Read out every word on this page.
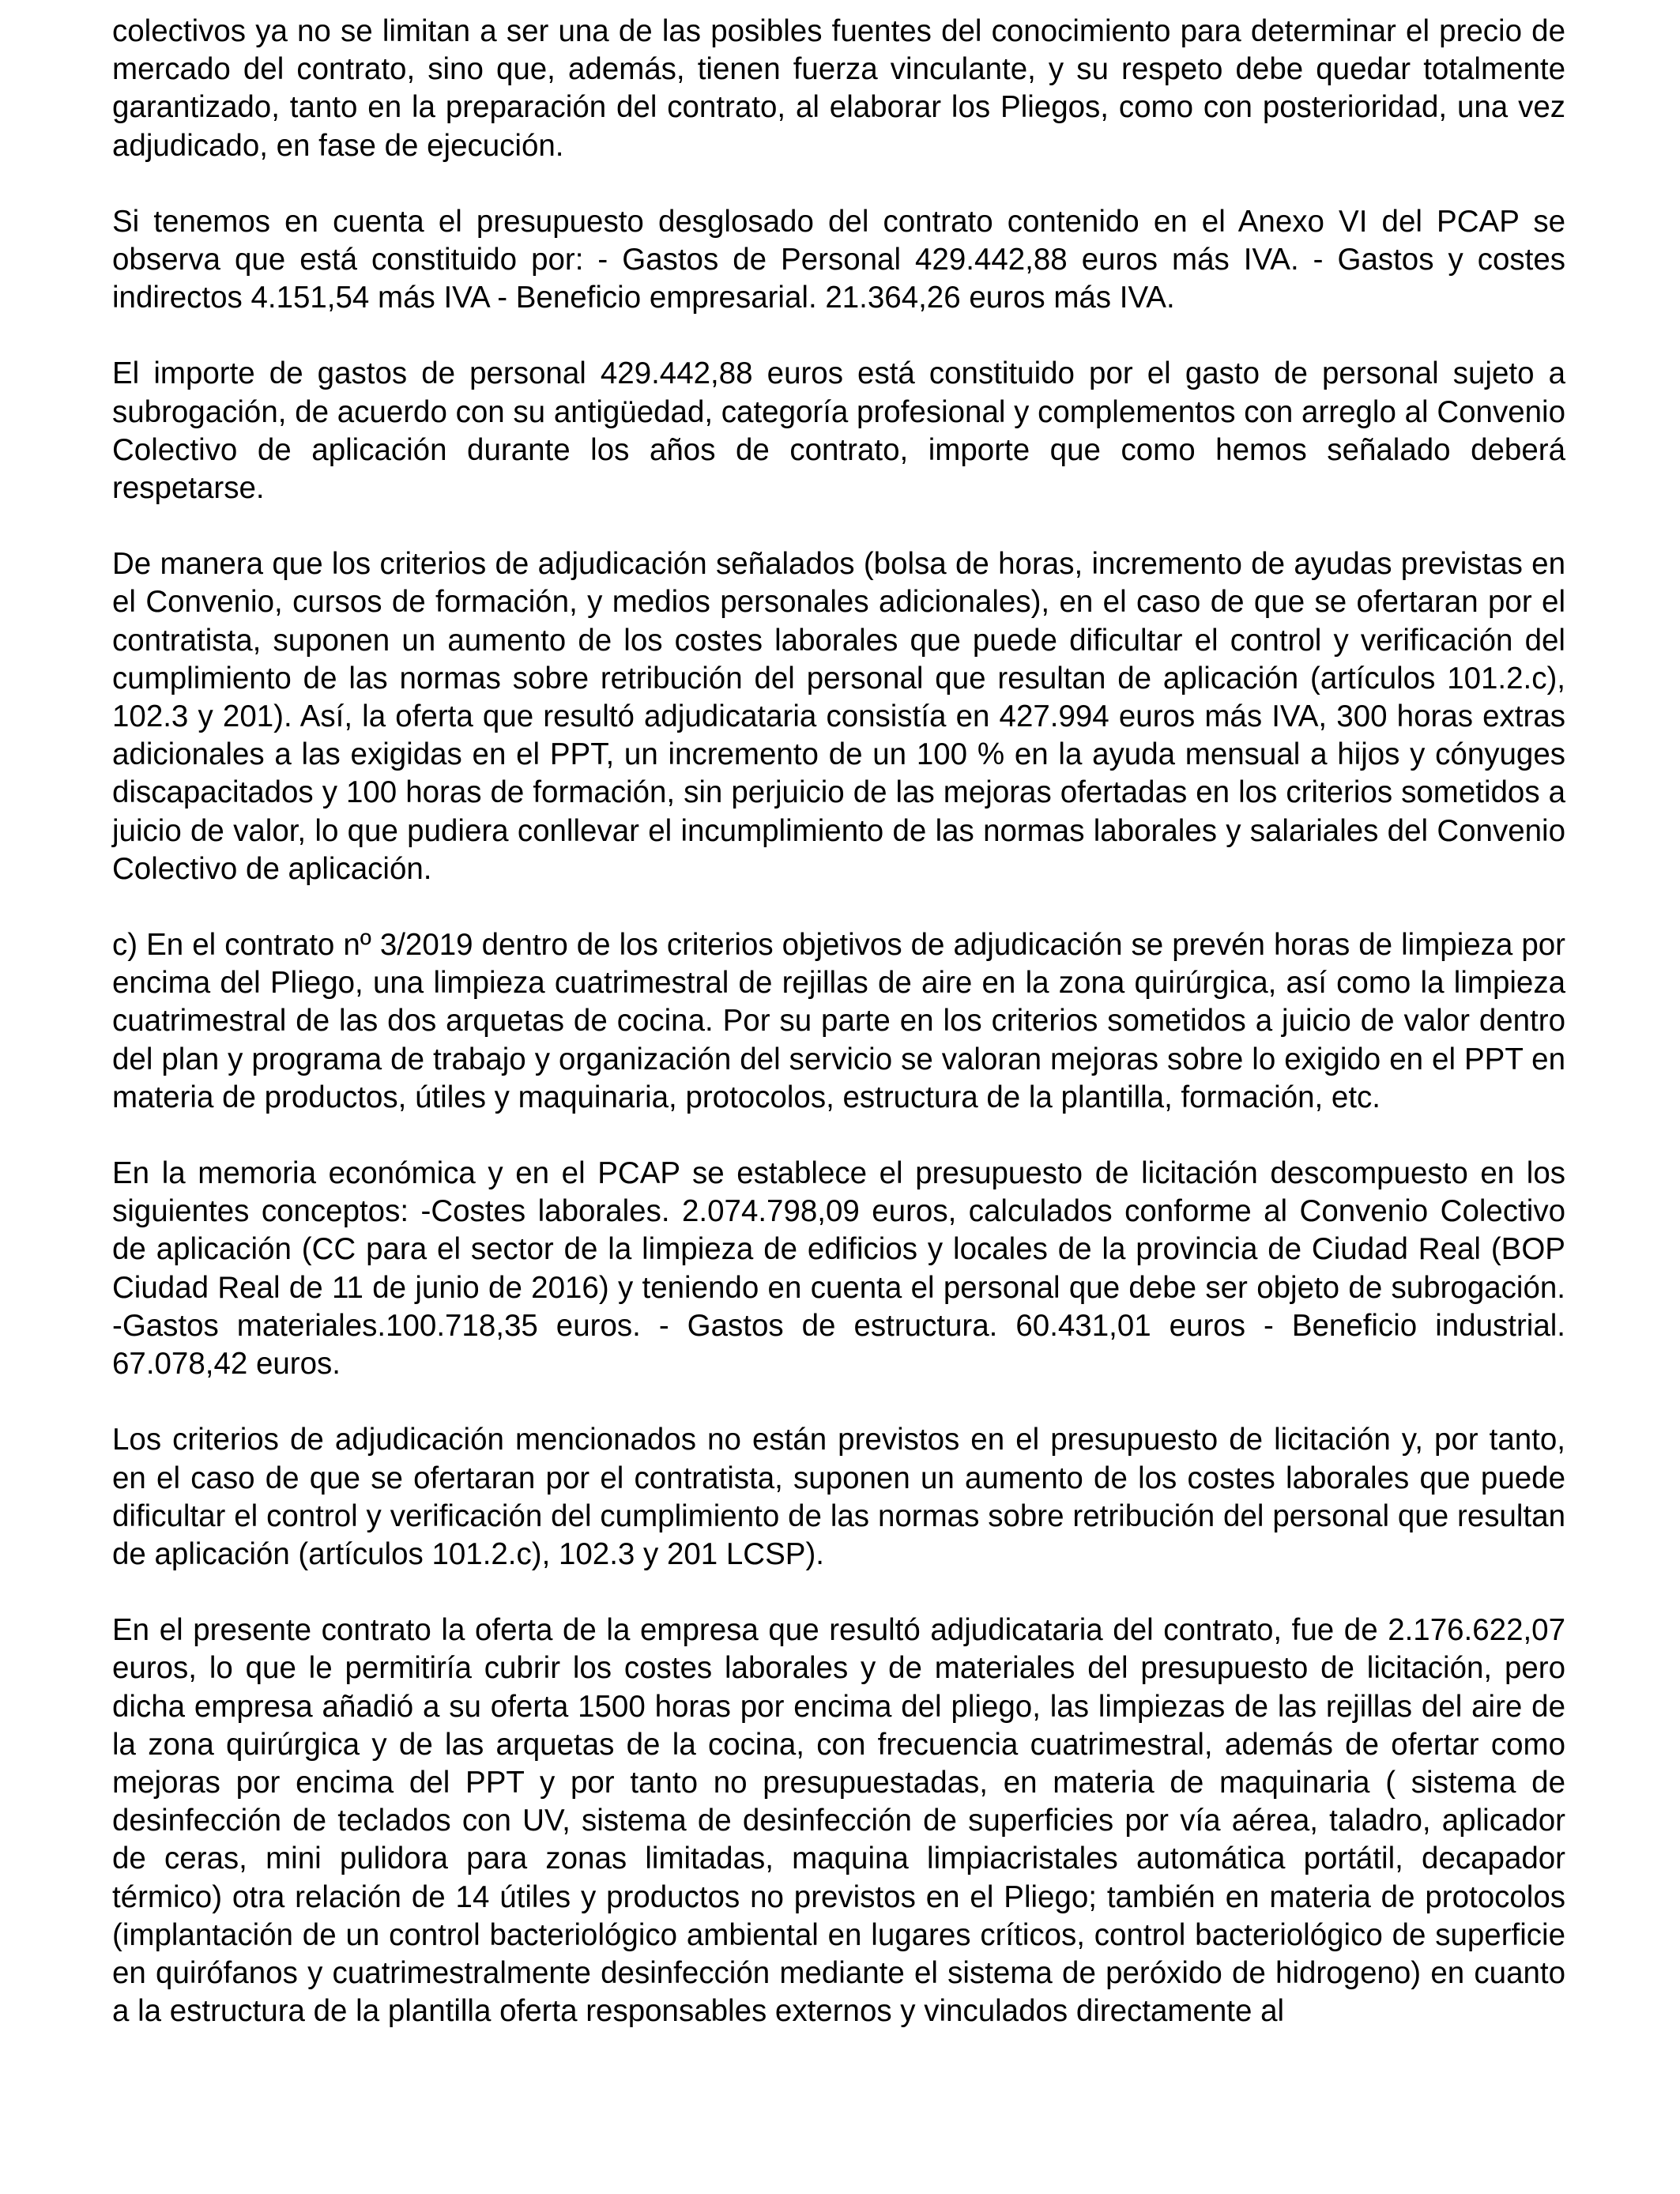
colectivos ya no se limitan a ser una de las posibles fuentes del conocimiento para determinar el precio de mercado del contrato, sino que, además, tienen fuerza vinculante, y su respeto debe quedar totalmente garantizado, tanto en la preparación del contrato, al elaborar los Pliegos, como con posterioridad, una vez adjudicado, en fase de ejecución.

Si tenemos en cuenta el presupuesto desglosado del contrato contenido en el Anexo VI del PCAP se observa que está constituido por: - Gastos de Personal 429.442,88 euros más IVA. - Gastos y costes indirectos 4.151,54 más IVA - Beneficio empresarial. 21.364,26 euros más IVA.

El importe de gastos de personal 429.442,88 euros está constituido por el gasto de personal sujeto a subrogación, de acuerdo con su antigüedad, categoría profesional y complementos con arreglo al Convenio Colectivo de aplicación durante los años de contrato, importe que como hemos señalado deberá respetarse.

De manera que los criterios de adjudicación señalados (bolsa de horas, incremento de ayudas previstas en el Convenio, cursos de formación, y medios personales adicionales), en el caso de que se ofertaran por el contratista, suponen un aumento de los costes laborales que puede dificultar el control y verificación del cumplimiento de las normas sobre retribución del personal que resultan de aplicación (artículos 101.2.c), 102.3 y 201). Así, la oferta que resultó adjudicataria consistía en 427.994 euros más IVA, 300 horas extras adicionales a las exigidas en el PPT, un incremento de un 100 % en la ayuda mensual a hijos y cónyuges discapacitados y 100 horas de formación, sin perjuicio de las mejoras ofertadas en los criterios sometidos a juicio de valor, lo que pudiera conllevar el incumplimiento de las normas laborales y salariales del Convenio Colectivo de aplicación.

c) En el contrato nº 3/2019 dentro de los criterios objetivos de adjudicación se prevén horas de limpieza por encima del Pliego, una limpieza cuatrimestral de rejillas de aire en la zona quirúrgica, así como la limpieza cuatrimestral de las dos arquetas de cocina. Por su parte en los criterios sometidos a juicio de valor dentro del plan y programa de trabajo y organización del servicio se valoran mejoras sobre lo exigido en el PPT en materia de productos, útiles y maquinaria, protocolos, estructura de la plantilla, formación, etc.

En la memoria económica y en el PCAP se establece el presupuesto de licitación descompuesto en los siguientes conceptos: -Costes laborales. 2.074.798,09 euros, calculados conforme al Convenio Colectivo de aplicación (CC para el sector de la limpieza de edificios y locales de la provincia de Ciudad Real (BOP Ciudad Real de 11 de junio de 2016) y teniendo en cuenta el personal que debe ser objeto de subrogación. -Gastos materiales.100.718,35 euros. - Gastos de estructura. 60.431,01 euros - Beneficio industrial. 67.078,42 euros.

Los criterios de adjudicación mencionados no están previstos en el presupuesto de licitación y, por tanto, en el caso de que se ofertaran por el contratista, suponen un aumento de los costes laborales que puede dificultar el control y verificación del cumplimiento de las normas sobre retribución del personal que resultan de aplicación (artículos 101.2.c), 102.3 y 201 LCSP).

En el presente contrato la oferta de la empresa que resultó adjudicataria del contrato, fue de 2.176.622,07 euros, lo que le permitiría cubrir los costes laborales y de materiales del presupuesto de licitación, pero dicha empresa añadió a su oferta 1500 horas por encima del pliego, las limpiezas de las rejillas del aire de la zona quirúrgica y de las arquetas de la cocina, con frecuencia cuatrimestral, además de ofertar como mejoras por encima del PPT y por tanto no presupuestadas, en materia de maquinaria ( sistema de desinfección de teclados con UV, sistema de desinfección de superficies por vía aérea, taladro, aplicador de ceras, mini pulidora para zonas limitadas, maquina limpiacristales automática portátil, decapador térmico) otra relación de 14 útiles y productos no previstos en el Pliego; también en materia de protocolos (implantación de un control bacteriológico ambiental en lugares críticos, control bacteriológico de superficie en quirófanos y cuatrimestralmente desinfección mediante el sistema de peróxido de hidrogeno) en cuanto a la estructura de la plantilla oferta responsables externos y vinculados directamente al
